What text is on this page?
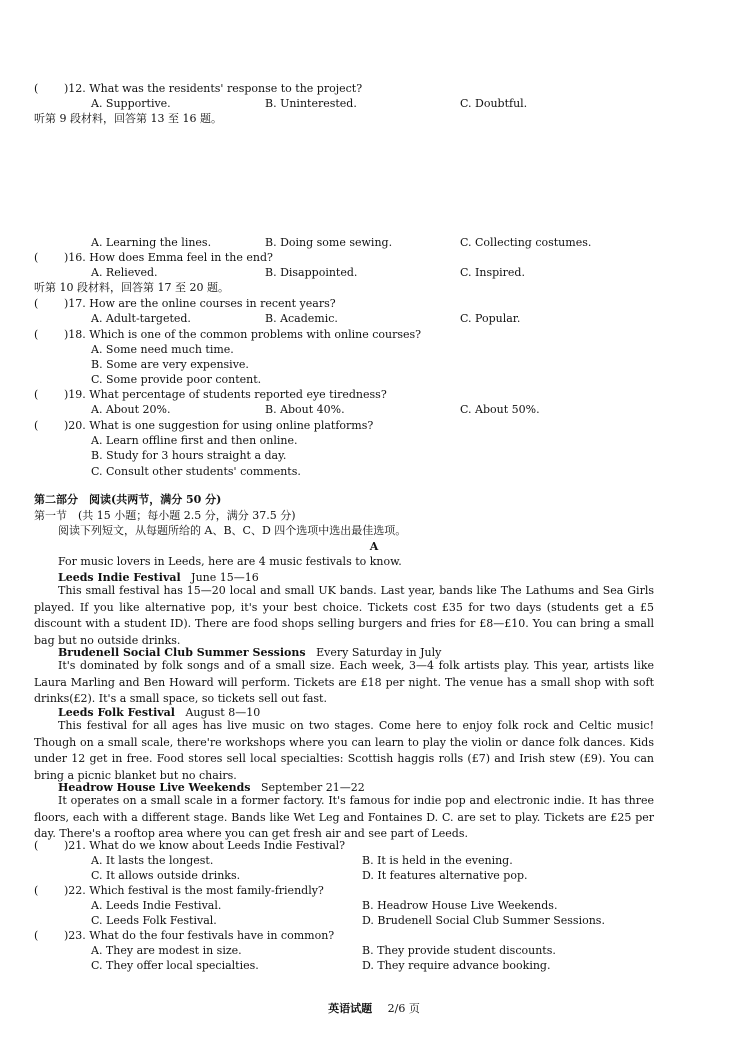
( )12. What was the residents' response to the project?
A. Supportive.	B. Uninterested.	C. Doubtful.
听第 9 段材料，回答第 13 至 16 题。
A. Learning the lines.	B. Doing some sewing.	C. Collecting costumes.
( )16. How does Emma feel in the end?
A. Relieved.	B. Disappointed.	C. Inspired.
听第 10 段材料，回答第 17 至 20 题。
( )17. How are the online courses in recent years?
A. Adult-targeted.	B. Academic.	C. Popular.
( )18. Which is one of the common problems with online courses?
A. Some need much time.
B. Some are very expensive.
C. Some provide poor content.
( )19. What percentage of students reported eye tiredness?
A. About 20%.	B. About 40%.	C. About 50%.
( )20. What is one suggestion for using online platforms?
A. Learn offline first and then online.
B. Study for 3 hours straight a day.
C. Consult other students' comments.
第二部分　阅读(共两节，满分 50 分)
第一节　(共 15 小题；每小题 2.5 分，满分 37.5 分)
阅读下列短文，从每题所给的 A、B、C、D 四个选项中选出最佳选项。
A
For music lovers in Leeds, here are 4 music festivals to know.
Leeds Indie Festival June 15—16
This small festival has 15—20 local and small UK bands. Last year, bands like The Lathums and Sea Girls played. If you like alternative pop, it's your best choice. Tickets cost £35 for two days (students get a £5 discount with a student ID). There are food shops selling burgers and fries for £8—£10. You can bring a small bag but no outside drinks.
Brudenell Social Club Summer Sessions Every Saturday in July
It's dominated by folk songs and of a small size. Each week, 3—4 folk artists play. This year, artists like Laura Marling and Ben Howard will perform. Tickets are £18 per night. The venue has a small shop with soft drinks(£2). It's a small space, so tickets sell out fast.
Leeds Folk Festival August 8—10
This festival for all ages has live music on two stages. Come here to enjoy folk rock and Celtic music! Though on a small scale, there're workshops where you can learn to play the violin or dance folk dances. Kids under 12 get in free. Food stores sell local specialties: Scottish haggis rolls (£7) and Irish stew (£9). You can bring a picnic blanket but no chairs.
Headrow House Live Weekends September 21—22
It operates on a small scale in a former factory. It's famous for indie pop and electronic indie. It has three floors, each with a different stage. Bands like Wet Leg and Fontaines D. C. are set to play. Tickets are £25 per day. There's a rooftop area where you can get fresh air and see part of Leeds.
( )21. What do we know about Leeds Indie Festival?
A. It lasts the longest.	B. It is held in the evening.
C. It allows outside drinks.	D. It features alternative pop.
( )22. Which festival is the most family-friendly?
A. Leeds Indie Festival.	B. Headrow House Live Weekends.
C. Leeds Folk Festival.	D. Brudenell Social Club Summer Sessions.
( )23. What do the four festivals have in common?
A. They are modest in size.	B. They provide student discounts.
C. They offer local specialties.	D. They require advance booking.
英语试题 2/6 页
